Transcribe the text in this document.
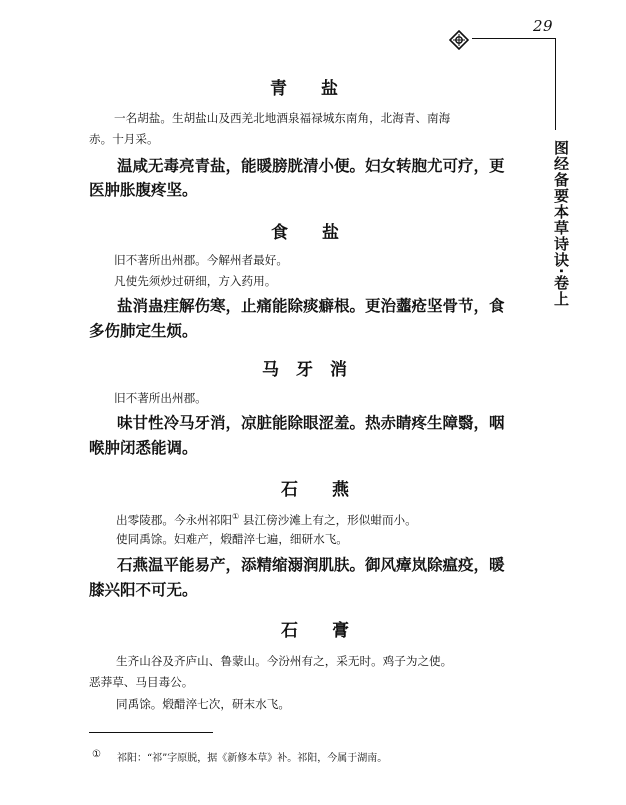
29
图经备要本草诗诀·卷上
青　　盐
一名胡盐。生胡盐山及西羌北地酒泉福禄城东南角，北海青、南海
赤。十月采。
温咸无毒亮青盐，能暖膀胱清小便。妇女转胞尤可疗，更
医肿胀腹疼坚。
食　　盐
旧不著所出州郡。今解州者最好。
凡使先须炒过研细，方入药用。
盐消蛊疰解伤寒，止痛能除痰癖根。更治虀疮坚骨节，食
多伤肺定生烦。
马　牙　消
旧不著所出州郡。
味甘性冷马牙消，凉脏能除眼涩羞。热赤睛疼生障翳，咽
喉肿闭悉能调。
石　　燕
出零陵郡。今永州祁阳① 县江傍沙滩上有之，形似蚶而小。
使同禹馀。妇难产，煅醋淬七遍，细研水飞。
石燕温平能易产，添精缩溺润肌肤。御风瘴岚除瘟疫，暖
膝兴阳不可无。
石　　膏
生齐山谷及齐庐山、鲁蒙山。今汾州有之，采无时。鸡子为之使。
恶莽草、马目毒公。
同禹馀。煅醋淬七次，研末水飞。
① 祁阳：“祁”字原脱，据《新修本草》补。祁阳，今属于湖南。
